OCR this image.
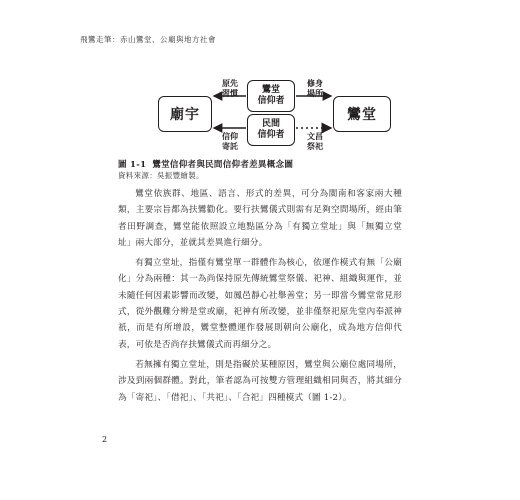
飛鸞走筆：赤山鸞堂、公廟與地方社會
廟宇	鸞堂
鸞堂
信仰者
民間
信仰者
原先
習慣
修身
場所
信仰
寄託
文昌
祭祀
圖 1-1 鸞堂信仰者與民間信仰者差異概念圖
資料來源：吳振豐繪製。

鸞堂依族群、地區、語言、形式的差異，可分為閩南和客家兩大種類，主要宗旨都為扶鸞勸化。要行扶鸞儀式則需有足夠空間場所，經由筆者田野調查，鸞堂能依照設立地點區分為「有獨立堂址」與「無獨立堂址」兩大部分，並就其差異進行細分。

有獨立堂址，指僅有鸞堂單一群體作為核心，依運作模式有無「公廟化」分為兩種：其一為尚保持原先傳統鸞堂祭儀、祀神、組織與運作，並未隨任何因素影響而改變，如鳳邑靜心社舉善堂；另一即當今鸞堂常見形式，從外觀難分辨是堂或廟，祀神有所改變，並非僅祭祀原先堂內奉派神祇，而是有所增設，鸞堂整體運作發展則朝向公廟化，成為地方信仰代表，可依是否尚存扶鸞儀式而再細分之。

若無擁有獨立堂址，則是指礙於某種原因，鸞堂與公廟位處同場所，涉及到兩個群體。對此，筆者認為可按雙方管理組織相同與否，將其細分為「寄祀」、「借祀」、「共祀」、「合祀」四種模式（圖 1-2）。

2
